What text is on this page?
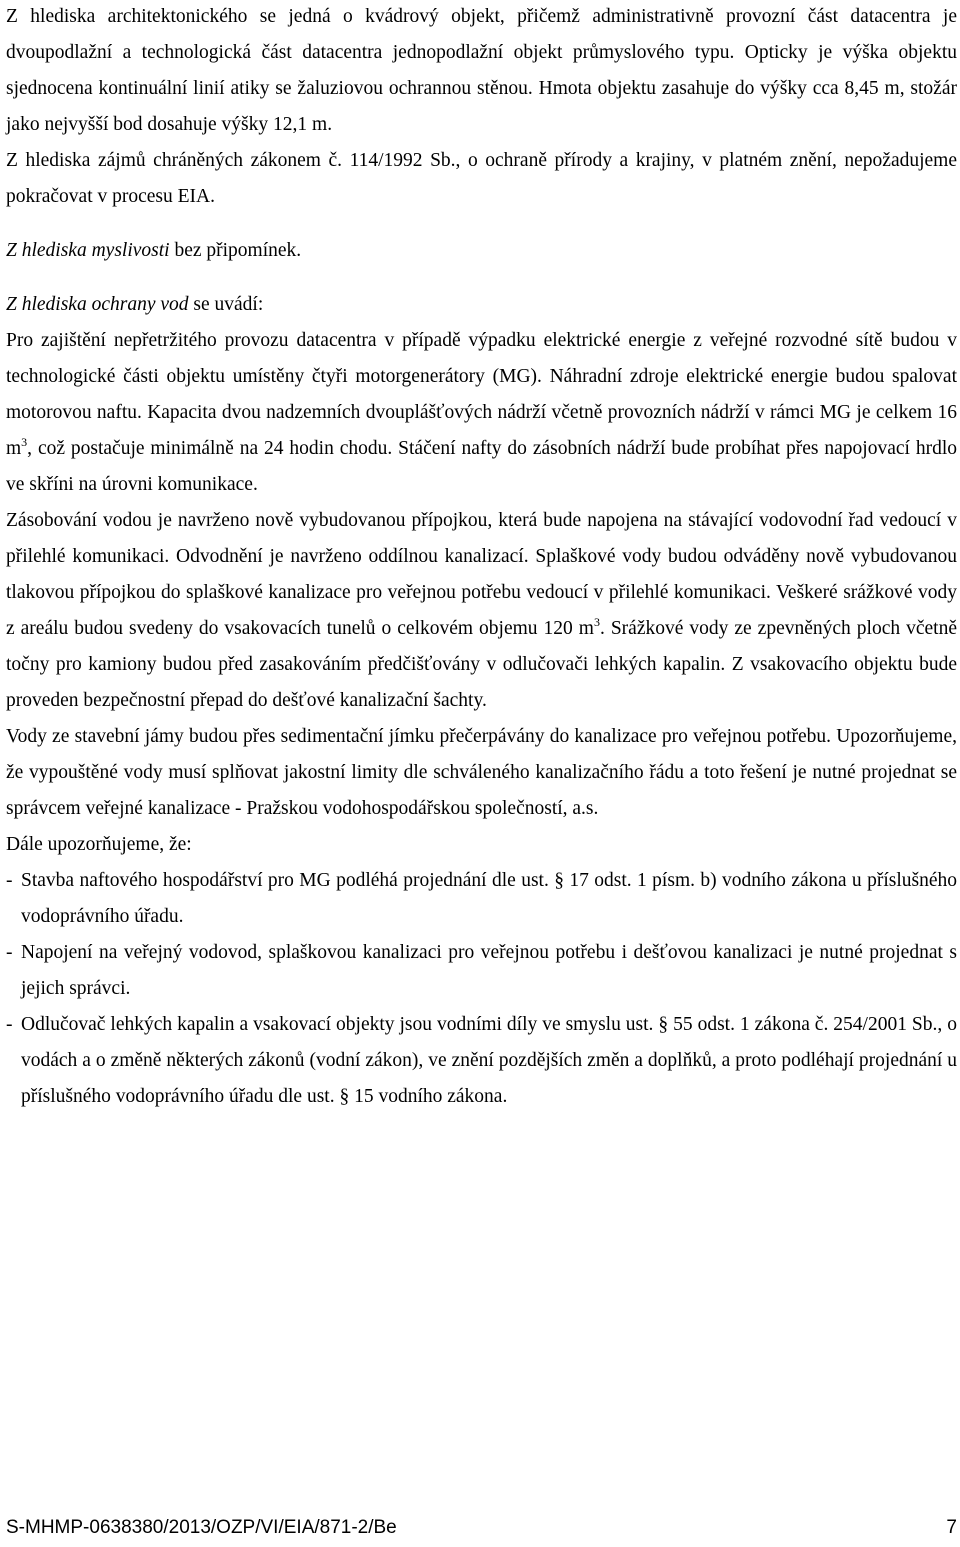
Z hlediska architektonického se jedná o kvádrový objekt, přičemž administrativně provozní část datacentra je dvoupodlažní a technologická část datacentra jednopodlažní objekt průmyslového typu. Opticky je výška objektu sjednocena kontinuální linií atiky se žaluziovou ochrannou stěnou. Hmota objektu zasahuje do výšky cca 8,45 m, stožár jako nejvyšší bod dosahuje výšky 12,1 m.

Z hlediska zájmů chráněných zákonem č. 114/1992 Sb., o ochraně přírody a krajiny, v platném znění, nepožadujeme pokračovat v procesu EIA.

Z hlediska myslivosti bez připomínek.

Z hlediska ochrany vod se uvádí:

Pro zajištění nepřetržitého provozu datacentra v případě výpadku elektrické energie z veřejné rozvodné sítě budou v technologické části objektu umístěny čtyři motorgenerátory (MG). Náhradní zdroje elektrické energie budou spalovat motorovou naftu. Kapacita dvou nadzemních dvouplášťových nádrží včetně provozních nádrží v rámci MG je celkem 16 $m^3$, což postačuje minimálně na 24 hodin chodu. Stáčení nafty do zásobních nádrží bude probíhat přes napojovací hrdlo ve skříni na úrovni komunikace.

Zásobování vodou je navrženo nově vybudovanou přípojkou, která bude napojena na stávající vodovodní řad vedoucí v přilehlé komunikaci. Odvodnění je navrženo oddílnou kanalizací. Splaškové vody budou odváděny nově vybudovanou tlakovou přípojkou do splaškové kanalizace pro veřejnou potřebu vedoucí v přilehlé komunikaci. Veškeré srážkové vody z areálu budou svedeny do vsakovacích tunelů o celkovém objemu 120 $m^3$. Srážkové vody ze zpevněných ploch včetně točny pro kamiony budou před zasakováním předčišťovány v odlučovači lehkých kapalin. Z vsakovacího objektu bude proveden bezpečnostní přepad do dešťové kanalizační šachty.

Vody ze stavební jámy budou přes sedimentační jímku přečerpávány do kanalizace pro veřejnou potřebu. Upozorňujeme, že vypouštěné vody musí splňovat jakostní limity dle schváleného kanalizačního řádu a toto řešení je nutné projednat se správcem veřejné kanalizace - Pražskou vodohospodářskou společností, a.s.

Dále upozorňujeme, že:

- Stavba naftového hospodářství pro MG podléhá projednání dle ust. § 17 odst. 1 písm. b) vodního zákona u příslušného vodoprávního úřadu.
- Napojení na veřejný vodovod, splaškovou kanalizaci pro veřejnou potřebu i dešťovou kanalizaci je nutné projednat s jejich správci.
- Odlučovač lehkých kapalin a vsakovací objekty jsou vodními díly ve smyslu ust. § 55 odst. 1 zákona č. 254/2001 Sb., o vodách a o změně některých zákonů (vodní zákon), ve znění pozdějších změn a doplňků, a proto podléhají projednání u příslušného vodoprávního úřadu dle ust. § 15 vodního zákona.
S-MHMP-0638380/2013/OZP/VI/EIA/871-2/Be	7
